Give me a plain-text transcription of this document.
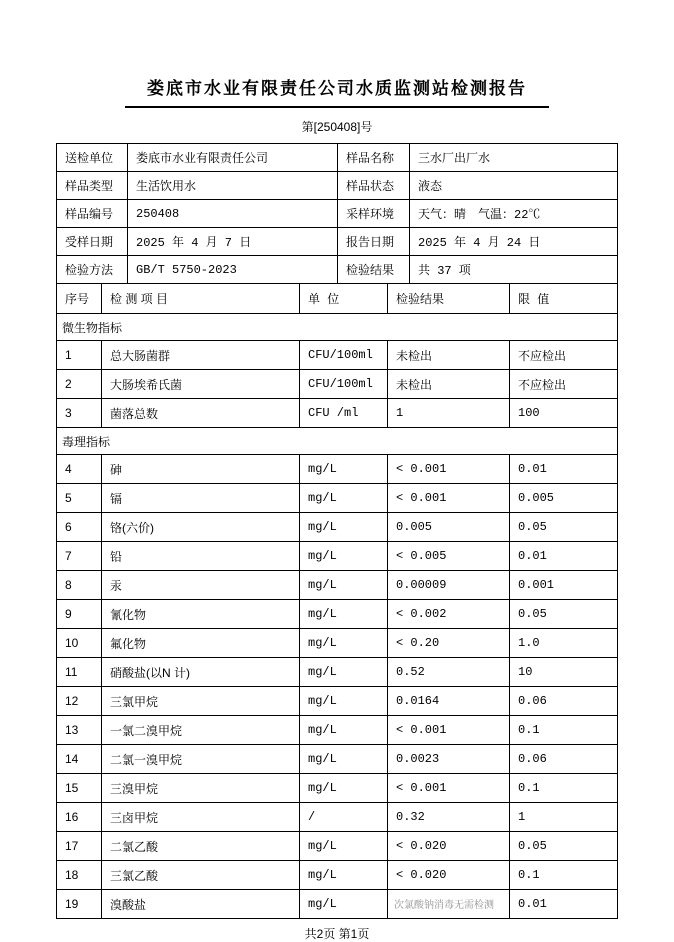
娄底市水业有限责任公司水质监测站检测报告
第[250408]号
送检单位	娄底市水业有限责任公司	样品名称	三水厂出厂水
样品类型	生活饮用水	样品状态	液态
样品编号	250408	采样环境	天气：晴　气温：22℃
受样日期	2025 年 4 月 7 日	报告日期	2025 年 4 月 24 日
检验方法	GB/T 5750-2023	检验结果	共 37 项
序号	检 测 项 目	单 位	检验结果	限 值
微生物指标				
1	总大肠菌群	CFU/100ml	未检出	不应检出
2	大肠埃希氏菌	CFU/100ml	未检出	不应检出
3	菌落总数	CFU /ml	1	100
毒理指标				
4	砷	mg/L	< 0.001	0.01
5	镉	mg/L	< 0.001	0.005
6	铬(六价)	mg/L	0.005	0.05
7	铅	mg/L	< 0.005	0.01
8	汞	mg/L	0.00009	0.001
9	氰化物	mg/L	< 0.002	0.05
10	氟化物	mg/L	< 0.20	1.0
11	硝酸盐(以N 计)	mg/L	0.52	10
12	三氯甲烷	mg/L	0.0164	0.06
13	一氯二溴甲烷	mg/L	< 0.001	0.1
14	二氯一溴甲烷	mg/L	0.0023	0.06
15	三溴甲烷	mg/L	< 0.001	0.1
16	三卤甲烷	/	0.32	1
17	二氯乙酸	mg/L	< 0.020	0.05
18	三氯乙酸	mg/L	< 0.020	0.1
19	溴酸盐	mg/L	次氯酸钠消毒无需检测	0.01
共2页 第1页
